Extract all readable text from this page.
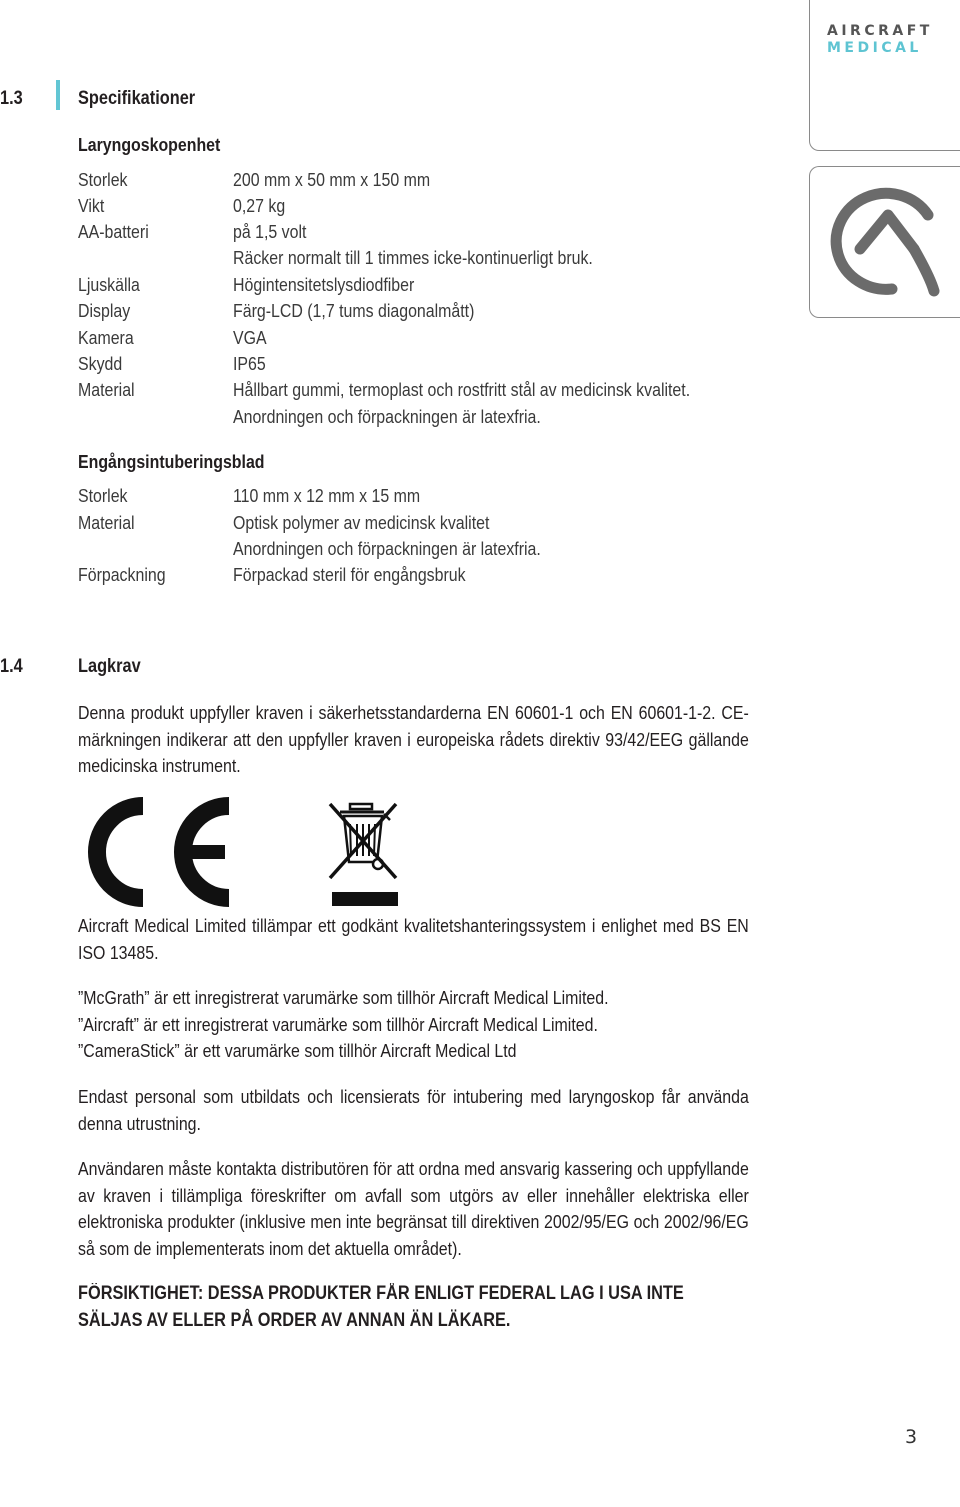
AIRCRAFT
MEDICAL
1.3	Specifikationer
Laryngoskopenhet
Storlek	200 mm x 50 mm x 150 mm
Vikt	0,27 kg
AA-batteri	på 1,5 volt
Räcker normalt till 1 timmes icke-kontinuerligt bruk.
Ljuskälla	Högintensitetslysdiodfiber
Display	Färg-LCD (1,7 tums diagonalmått)
Kamera	VGA
Skydd	IP65
Material	Hållbart gummi, termoplast och rostfritt stål av medicinsk kvalitet.
Anordningen och förpackningen är latexfria.
Engångsintuberingsblad
Storlek	110 mm x 12 mm x 15 mm
Material	Optisk polymer av medicinsk kvalitet
Anordningen och förpackningen är latexfria.
Förpackning	Förpackad steril för engångsbruk
1.4	Lagkrav
Denna produkt uppfyller kraven i säkerhetsstandarderna EN 60601-1 och EN 60601-1-2. CE-märkningen indikerar att den uppfyller kraven i europeiska rådets direktiv 93/42/EEG gällande medicinska instrument.
Aircraft Medical Limited tillämpar ett godkänt kvalitetshanteringssystem i enlighet med BS EN ISO 13485.
”McGrath” är ett inregistrerat varumärke som tillhör Aircraft Medical Limited.
”Aircraft” är ett inregistrerat varumärke som tillhör Aircraft Medical Limited.
”CameraStick” är ett varumärke som tillhör Aircraft Medical Ltd
Endast personal som utbildats och licensierats för intubering med laryngoskop får använda denna utrustning.
Användaren måste kontakta distributören för att ordna med ansvarig kassering och uppfyllande av kraven i tillämpliga föreskrifter om avfall som utgörs av eller innehåller elektriska eller elektroniska produkter (inklusive men inte begränsat till direktiven 2002/95/EG och 2002/96/EG så som de implementerats inom det aktuella området).
FÖRSIKTIGHET: DESSA PRODUKTER FÅR ENLIGT FEDERAL LAG I USA INTE SÄLJAS AV ELLER PÅ ORDER AV ANNAN ÄN LÄKARE.
3
